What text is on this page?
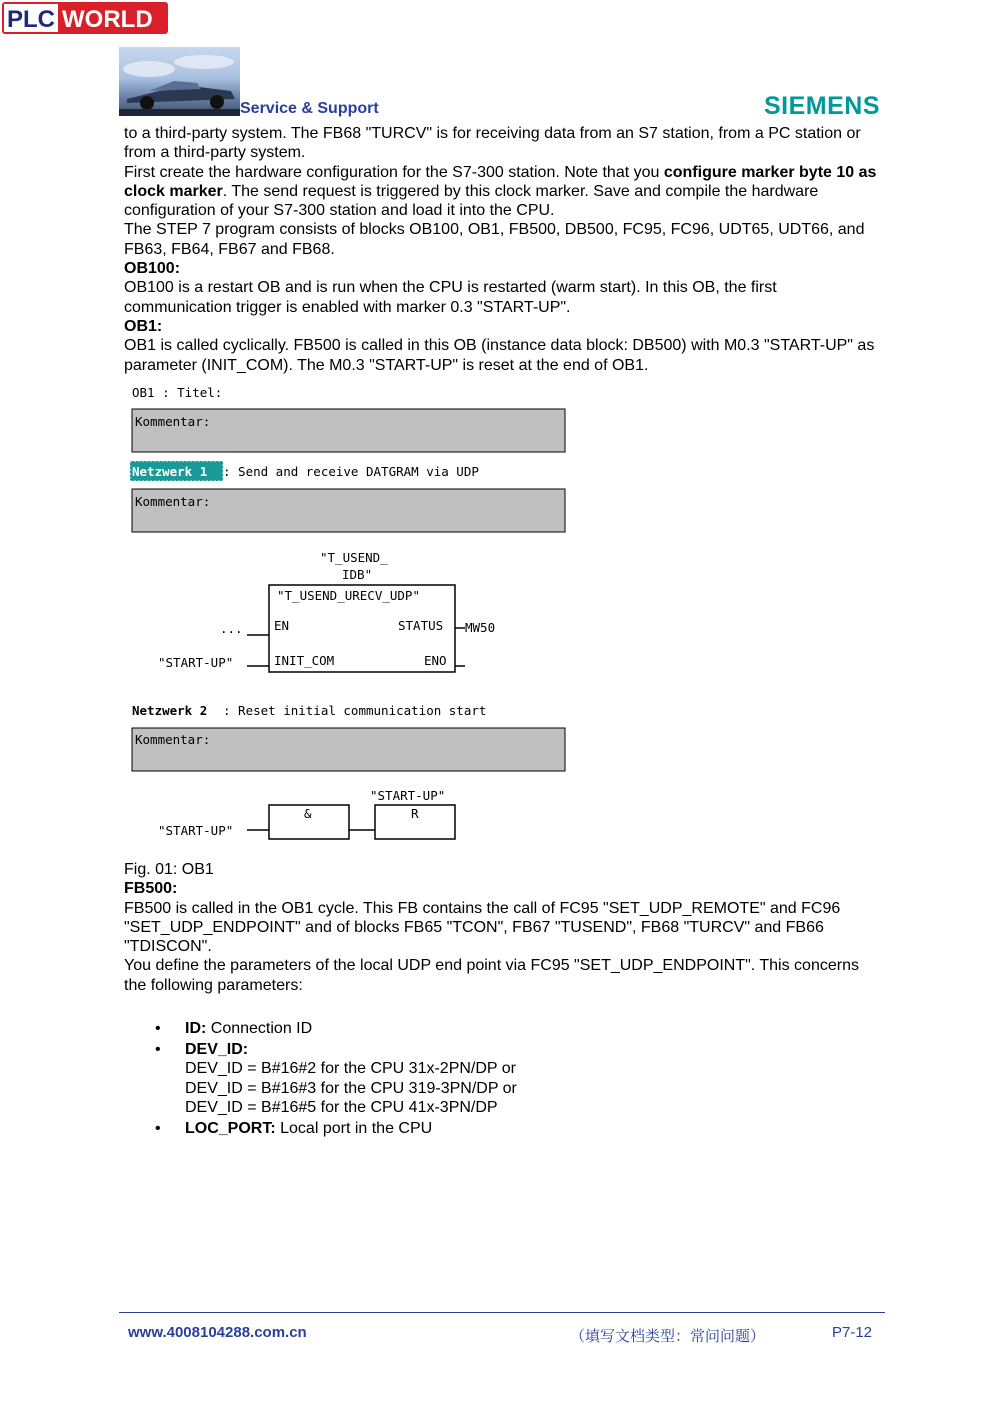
PLC WORLD
Service & Support	SIEMENS

to a third-party system. The FB68 "TURCV" is for receiving data from an S7 station, from a PC station or from a third-party system.

First create the hardware configuration for the S7-300 station. Note that you configure marker byte 10 as clock marker. The send request is triggered by this clock marker. Save and compile the hardware configuration of your S7-300 station and load it into the CPU.

The STEP 7 program consists of blocks OB100, OB1, FB500, DB500, FC95, FC96, UDT65, UDT66, and FB63, FB64, FB67 and FB68.

OB100:

OB100 is a restart OB and is run when the CPU is restarted (warm start). In this OB, the first communication trigger is enabled with marker 0.3 "START-UP".

OB1:

OB1 is called cyclically. FB500 is called in this OB (instance data block: DB500) with M0.3 "START-UP" as parameter (INIT_COM). The M0.3 "START-UP" is reset at the end of OB1.

OB1 : Titel:
Kommentar:
Netzwerk 1 : Send and receive DATGRAM via UDP
Kommentar:
"T_USEND_
IDB"
"T_USEND_URECV_UDP"
EN	STATUS
INIT_COM	ENO
...
"START-UP"
MW50
Netzwerk 2 : Reset initial communication start
Kommentar:
"START-UP"
&	R
"START-UP"

Fig. 01: OB1

FB500:

FB500 is called in the OB1 cycle. This FB contains the call of FC95 "SET_UDP_REMOTE" and FC96 "SET_UDP_ENDPOINT" and of blocks FB65 "TCON", FB67 "TUSEND", FB68 "TURCV" and FB66 "TDISCON".

You define the parameters of the local UDP end point via FC95 "SET_UDP_ENDPOINT". This concerns the following parameters:

• ID: Connection ID
• DEV_ID:
DEV_ID = B#16#2 for the CPU 31x-2PN/DP or
DEV_ID = B#16#3 for the CPU 319-3PN/DP or
DEV_ID = B#16#5 for the CPU 41x-3PN/DP
• LOC_PORT: Local port in the CPU
www.4008104288.com.cn	（填写文档类型：常问问题）	P7-12
